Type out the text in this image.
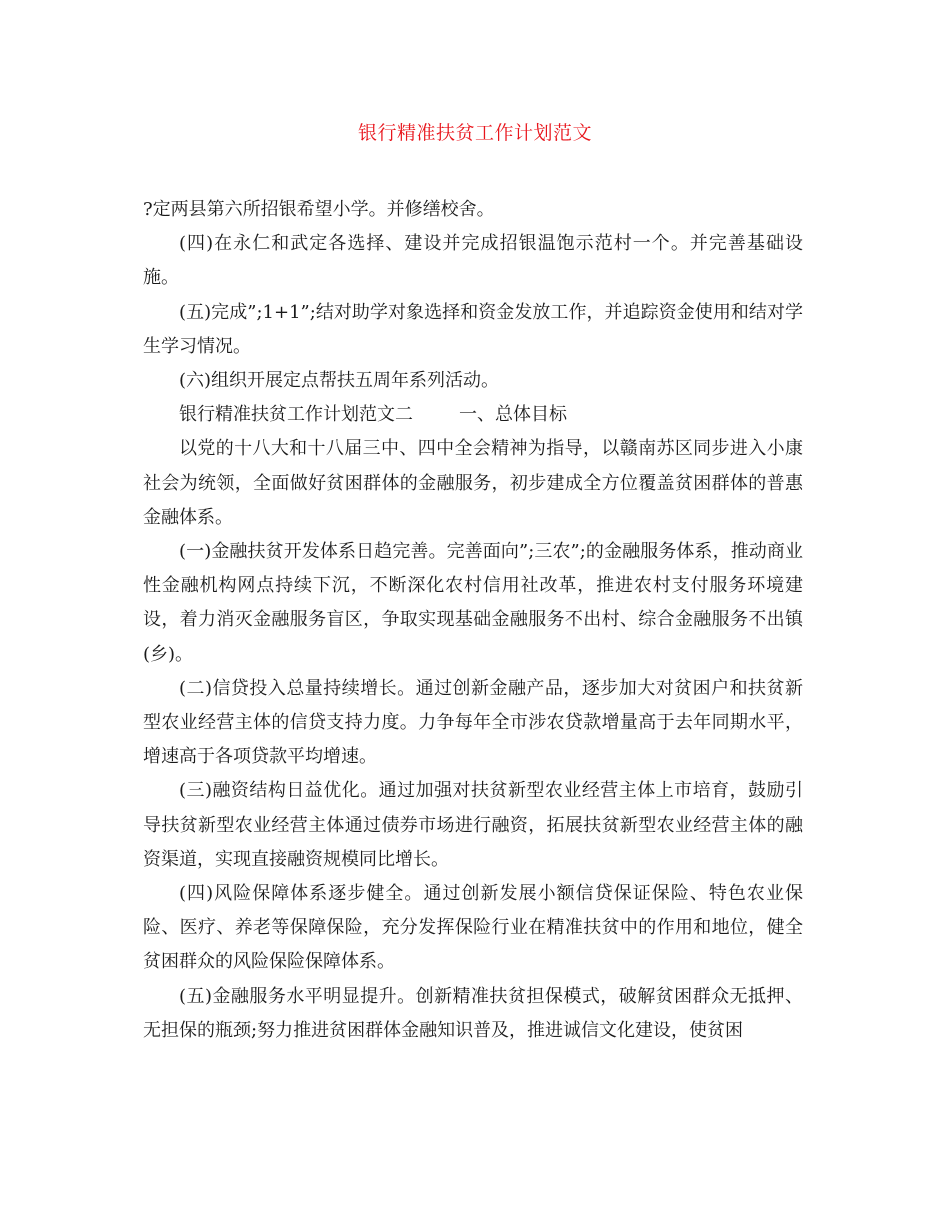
银行精准扶贫工作计划范文

?定两县第六所招银希望小学。并修缮校舍。

(四)在永仁和武定各选择、建设并完成招银温饱示范村一个。并完善基础设施。

(五)完成”;1+1”;结对助学对象选择和资金发放工作，并追踪资金使用和结对学生学习情况。

(六)组织开展定点帮扶五周年系列活动。

银行精准扶贫工作计划范文二	一、总体目标

以党的十八大和十八届三中、四中全会精神为指导，以赣南苏区同步进入小康社会为统领，全面做好贫困群体的金融服务，初步建成全方位覆盖贫困群体的普惠金融体系。

(一)金融扶贫开发体系日趋完善。完善面向”;三农”;的金融服务体系，推动商业性金融机构网点持续下沉，不断深化农村信用社改革，推进农村支付服务环境建设，着力消灭金融服务盲区，争取实现基础金融服务不出村、综合金融服务不出镇(乡)。

(二)信贷投入总量持续增长。通过创新金融产品，逐步加大对贫困户和扶贫新型农业经营主体的信贷支持力度。力争每年全市涉农贷款增量高于去年同期水平，增速高于各项贷款平均增速。

(三)融资结构日益优化。通过加强对扶贫新型农业经营主体上市培育，鼓励引导扶贫新型农业经营主体通过债券市场进行融资，拓展扶贫新型农业经营主体的融资渠道，实现直接融资规模同比增长。

(四)风险保障体系逐步健全。通过创新发展小额信贷保证保险、特色农业保险、医疗、养老等保障保险，充分发挥保险行业在精准扶贫中的作用和地位，健全贫困群众的风险保险保障体系。

(五)金融服务水平明显提升。创新精准扶贫担保模式，破解贫困群众无抵押、无担保的瓶颈;努力推进贫困群体金融知识普及，推进诚信文化建设，使贫困
